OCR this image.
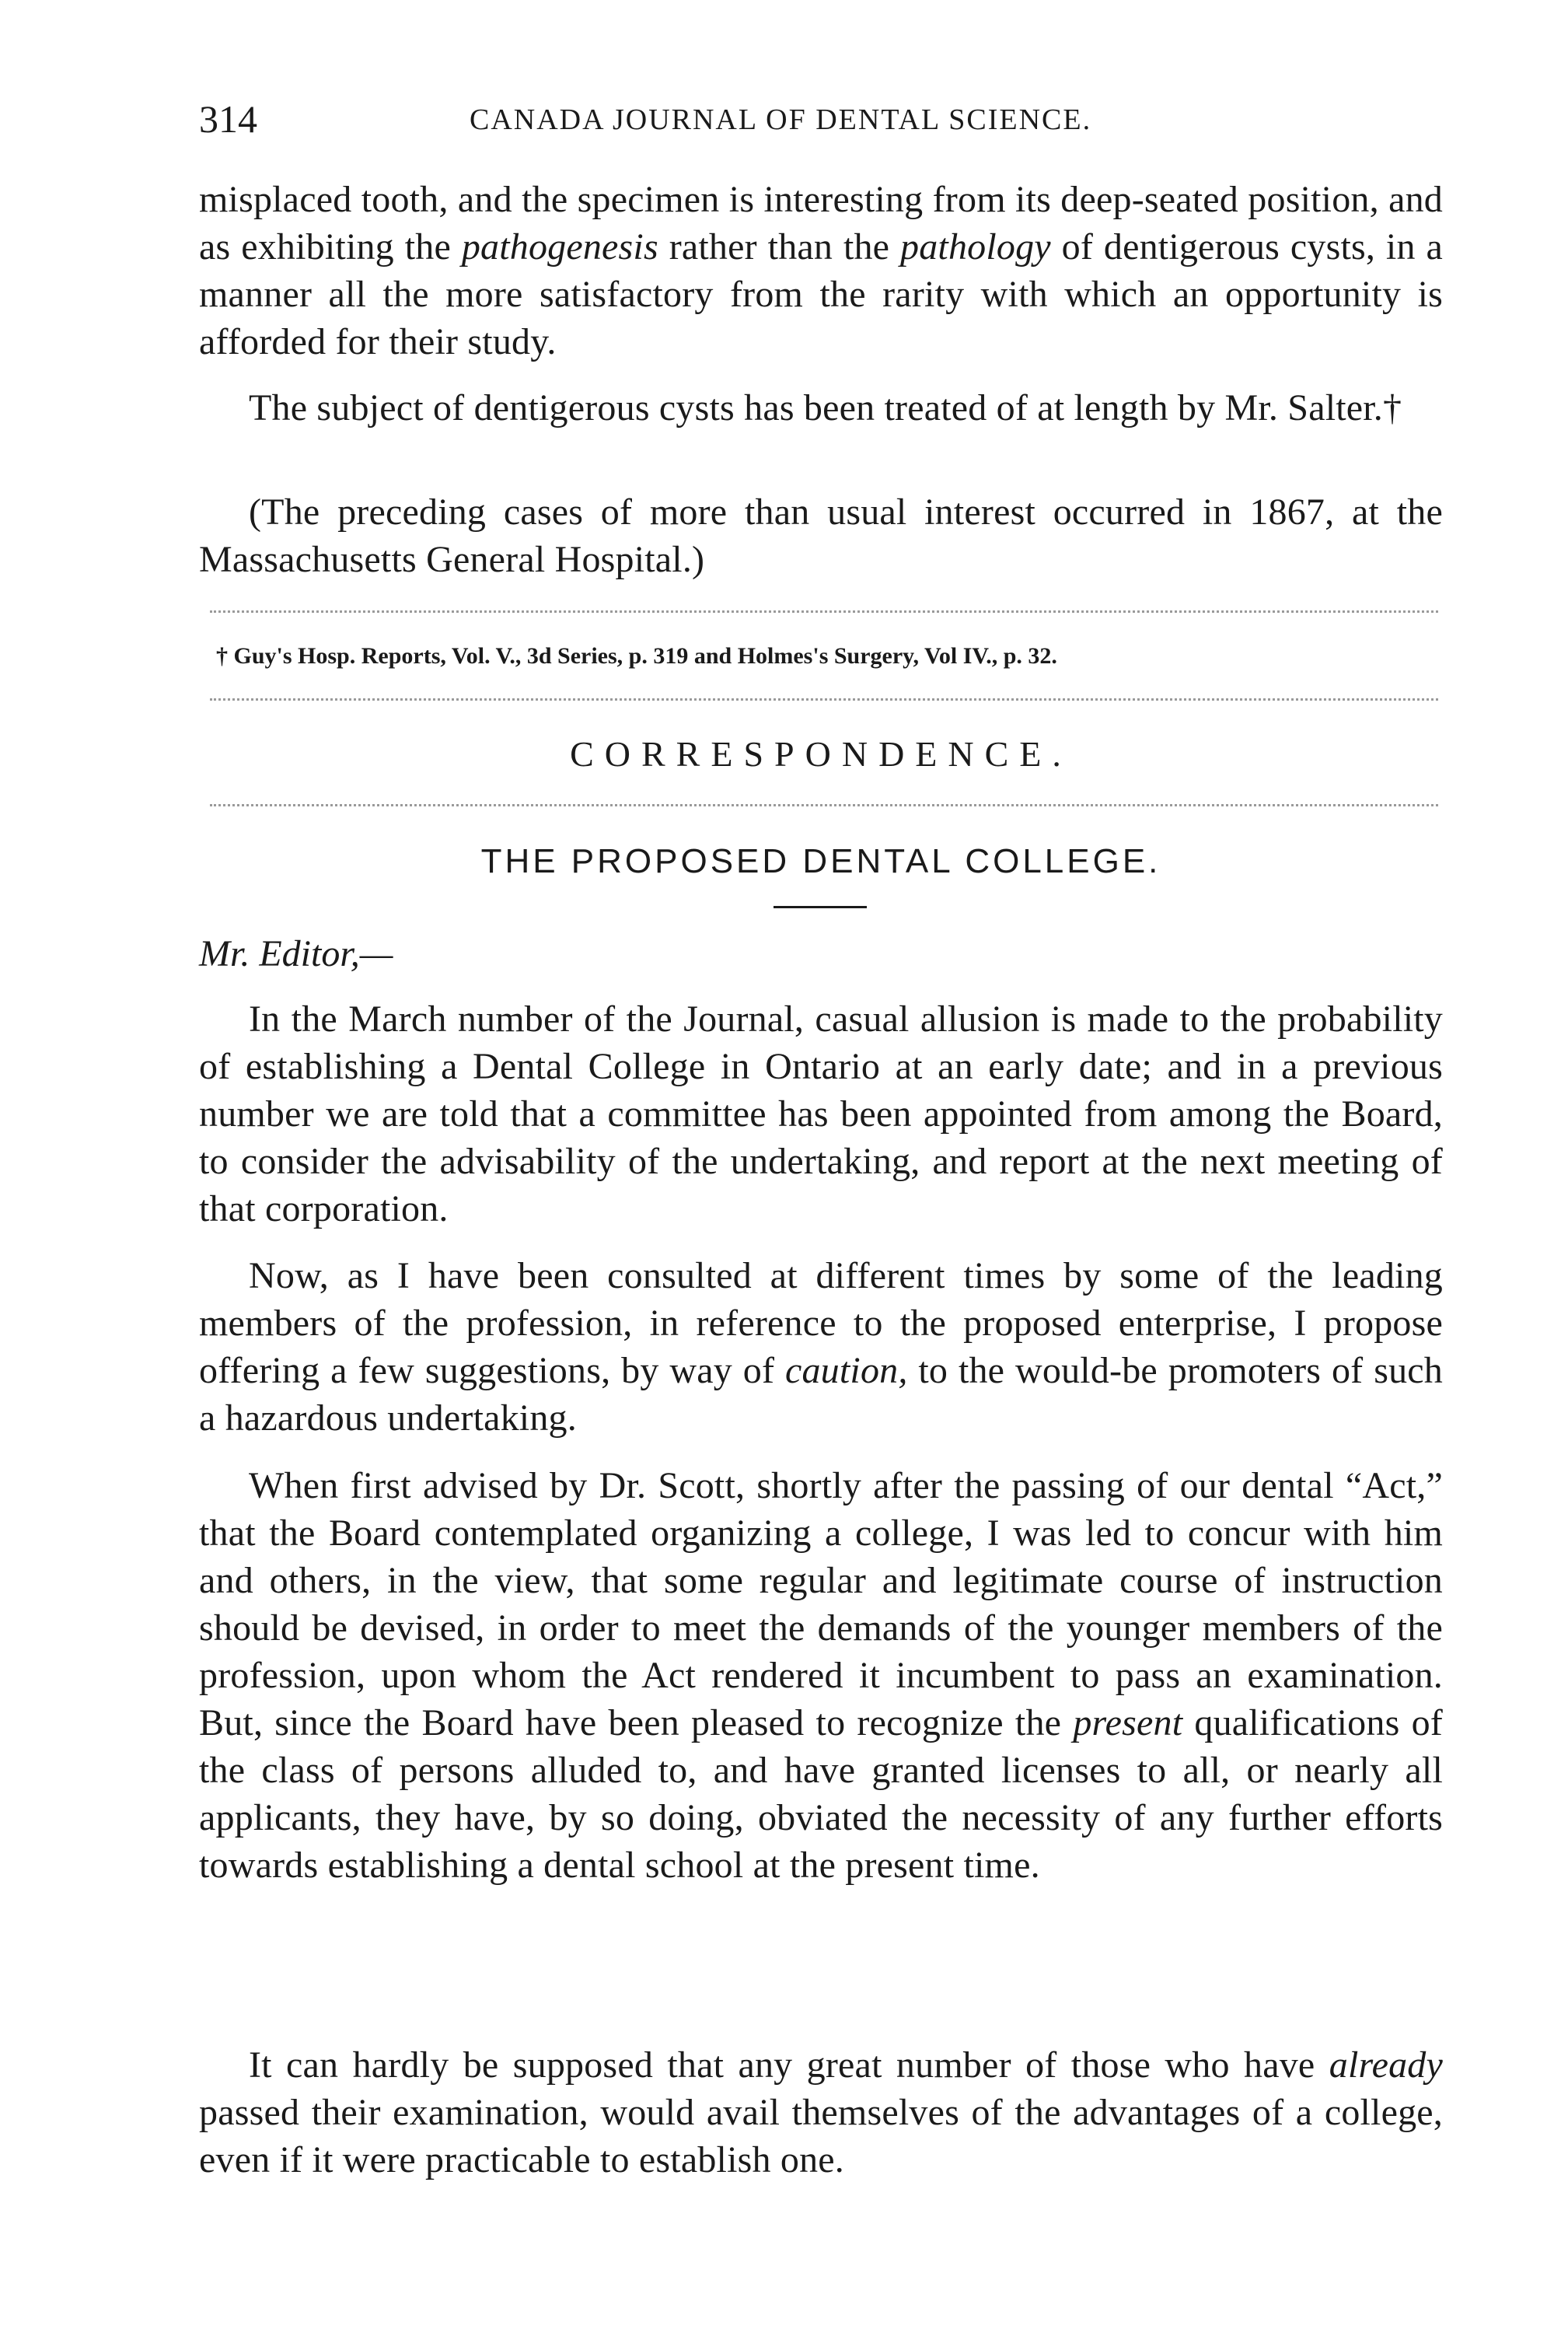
314	CANADA JOURNAL OF DENTAL SCIENCE.

misplaced tooth, and the specimen is interesting from its deep-seated position, and as exhibiting the pathogenesis rather than the pathology of dentigerous cysts, in a manner all the more satisfactory from the rarity with which an opportunity is afforded for their study.

The subject of dentigerous cysts has been treated of at length by Mr. Salter.†

(The preceding cases of more than usual interest occurred in 1867, at the Massachusetts General Hospital.)

† Guy's Hosp. Reports, Vol. V., 3d Series, p. 319 and Holmes's Surgery, Vol IV., p. 32.
CORRESPONDENCE.
THE PROPOSED DENTAL COLLEGE.

Mr. Editor,—

In the March number of the Journal, casual allusion is made to the probability of establishing a Dental College in Ontario at an early date; and in a previous number we are told that a committee has been appointed from among the Board, to consider the advisability of the undertaking, and report at the next meeting of that corporation.

Now, as I have been consulted at different times by some of the leading members of the profession, in reference to the proposed enterprise, I propose offering a few suggestions, by way of caution, to the would-be promoters of such a hazardous undertaking.

When first advised by Dr. Scott, shortly after the passing of our dental “Act,” that the Board contemplated organizing a college, I was led to concur with him and others, in the view, that some regular and legitimate course of instruction should be devised, in order to meet the demands of the younger members of the profession, upon whom the Act rendered it incumbent to pass an examination. But, since the Board have been pleased to recognize the present qualifications of the class of persons alluded to, and have granted licenses to all, or nearly all applicants, they have, by so doing, obviated the necessity of any further efforts towards establishing a dental school at the present time.

It can hardly be supposed that any great number of those who have already passed their examination, would avail themselves of the advantages of a college, even if it were practicable to establish one.
